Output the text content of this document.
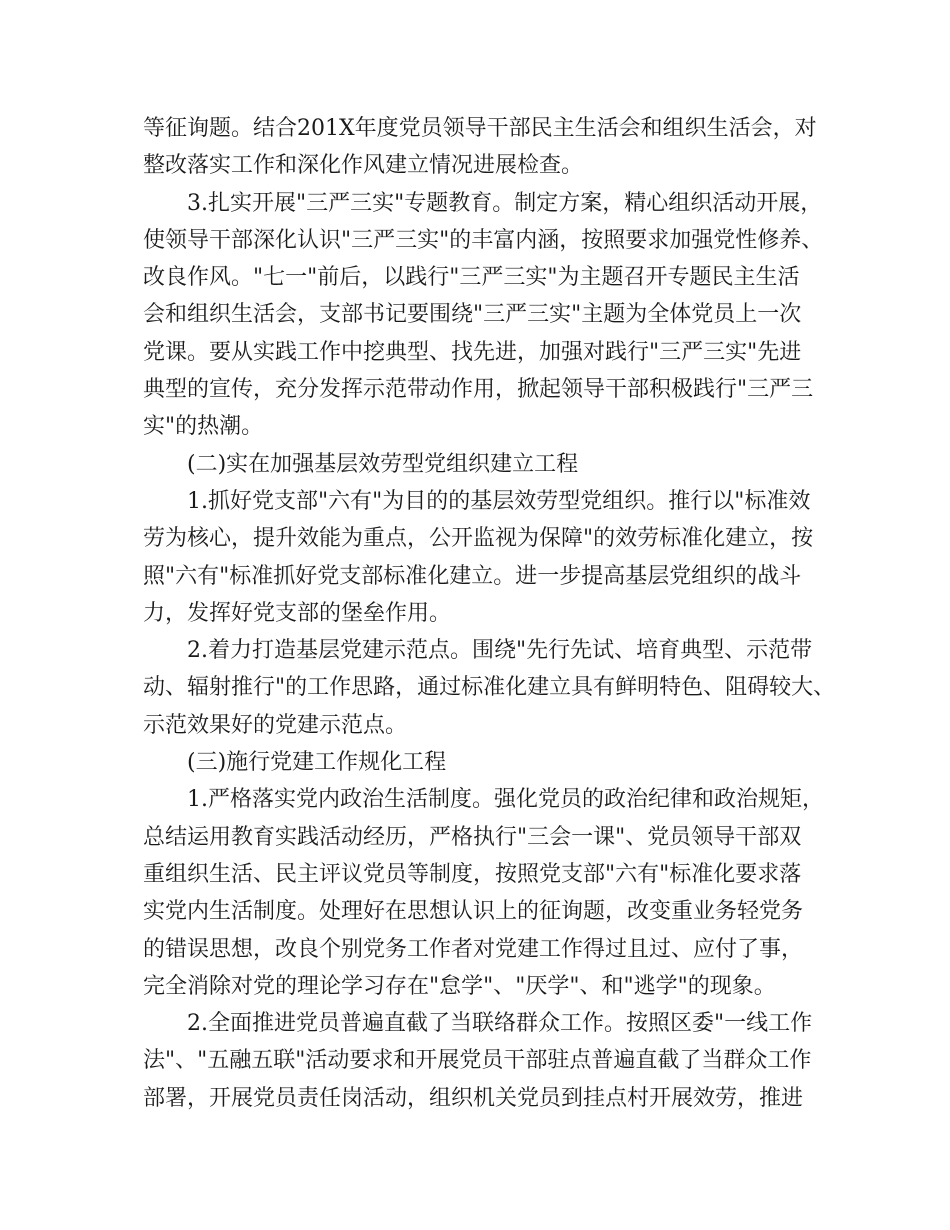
等征询题。结合201X年度党员领导干部民主生活会和组织生活会，对
整改落实工作和深化作风建立情况进展检查。
3.扎实开展"三严三实"专题教育。制定方案，精心组织活动开展，
使领导干部深化认识"三严三实"的丰富内涵，按照要求加强党性修养、
改良作风。"七一"前后，以践行"三严三实"为主题召开专题民主生活
会和组织生活会，支部书记要围绕"三严三实"主题为全体党员上一次
党课。要从实践工作中挖典型、找先进，加强对践行"三严三实"先进
典型的宣传，充分发挥示范带动作用，掀起领导干部积极践行"三严三
实"的热潮。
(二)实在加强基层效劳型党组织建立工程
1.抓好党支部"六有"为目的的基层效劳型党组织。推行以"标准效
劳为核心，提升效能为重点，公开监视为保障"的效劳标准化建立，按
照"六有"标准抓好党支部标准化建立。进一步提高基层党组织的战斗
力，发挥好党支部的堡垒作用。
2.着力打造基层党建示范点。围绕"先行先试、培育典型、示范带
动、辐射推行"的工作思路，通过标准化建立具有鲜明特色、阻碍较大、
示范效果好的党建示范点。
(三)施行党建工作规化工程
1.严格落实党内政治生活制度。强化党员的政治纪律和政治规矩，
总结运用教育实践活动经历，严格执行"三会一课"、党员领导干部双
重组织生活、民主评议党员等制度，按照党支部"六有"标准化要求落
实党内生活制度。处理好在思想认识上的征询题，改变重业务轻党务
的错误思想，改良个别党务工作者对党建工作得过且过、应付了事，
完全消除对党的理论学习存在"怠学"、"厌学"、和"逃学"的现象。
2.全面推进党员普遍直截了当联络群众工作。按照区委"一线工作
法"、"五融五联"活动要求和开展党员干部驻点普遍直截了当群众工作
部署，开展党员责任岗活动，组织机关党员到挂点村开展效劳，推进
